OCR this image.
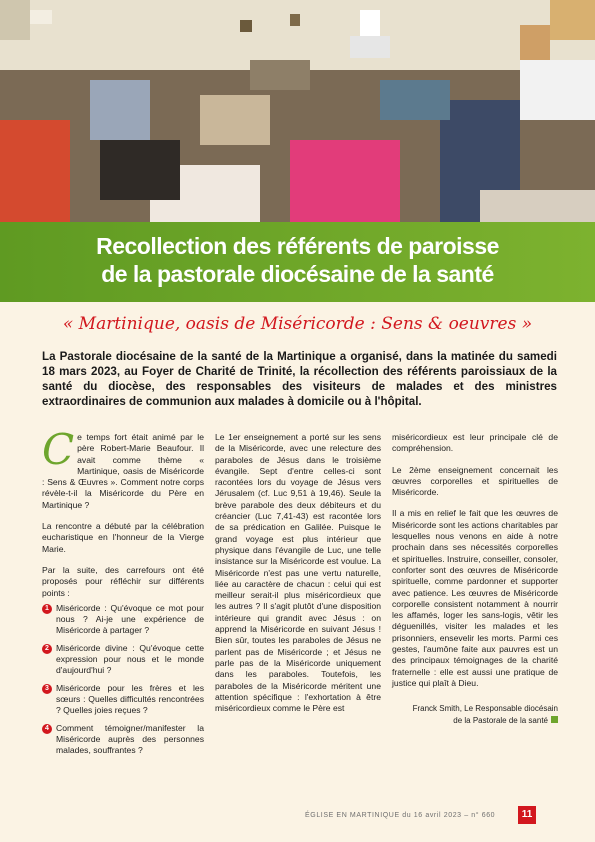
Recollection des référents de paroisse
de la pastorale diocésaine de la santé
« Martinique, oasis de Miséricorde : Sens & oeuvres »
La Pastorale diocésaine de la santé de la Martinique a organisé, dans la matinée du samedi 18 mars 2023, au Foyer de Charité de Trinité, la récollection des référents paroissiaux de la santé du diocèse, des responsables des visiteurs de malades et des ministres extraordinaires de communion aux malades à domicile ou à l'hôpital.

Ce temps fort était animé par le père Robert-Marie Beaufour. Il avait comme thème « Martinique, oasis de Miséricorde : Sens & Œuvres ». Comment notre corps révèle-t-il la Miséricorde du Père en Martinique ?

La rencontre a débuté par la célébration eucharistique en l'honneur de la Vierge Marie.

Par la suite, des carrefours ont été proposés pour réfléchir sur différents points :

1 Miséricorde : Qu'évoque ce mot pour nous ? Ai-je une expérience de Miséricorde à partager ?
2 Miséricorde divine : Qu'évoque cette expression pour nous et le monde d'aujourd'hui ?
3 Miséricorde pour les frères et les sœurs : Quelles difficultés rencontrées ? Quelles joies reçues ?
4 Comment témoigner/manifester la Miséricorde auprès des personnes malades, souffrantes ?

Le 1er enseignement a porté sur les sens de la Miséricorde, avec une relecture des paraboles de Jésus dans le troisième évangile. Sept d'entre celles-ci sont racontées lors du voyage de Jésus vers Jérusalem (cf. Luc 9,51 à 19,46). Seule la brève parabole des deux débiteurs et du créancier (Luc 7,41-43) est racontée lors de sa prédication en Galilée. Puisque le grand voyage est plus intérieur que physique dans l'évangile de Luc, une telle insistance sur la Miséricorde est voulue. La Miséricorde n'est pas une vertu naturelle, liée au caractère de chacun : celui qui est meilleur serait-il plus miséricordieux que les autres ? Il s'agit plutôt d'une disposition intérieure qui grandit avec Jésus : on apprend la Miséricorde en suivant Jésus ! Bien sûr, toutes les paraboles de Jésus ne parlent pas de Miséricorde ; et Jésus ne parle pas de la Miséricorde uniquement dans les paraboles. Toutefois, les paraboles de la Miséricorde méritent une attention spécifique : l'exhortation à être miséricordieux comme le Père est

miséricordieux est leur principale clé de compréhension.

Le 2ème enseignement concernait les œuvres corporelles et spirituelles de Miséricorde.

Il a mis en relief le fait que les œuvres de Miséricorde sont les actions charitables par lesquelles nous venons en aide à notre prochain dans ses nécessités corporelles et spirituelles. Instruire, conseiller, consoler, conforter sont des œuvres de Miséricorde spirituelle, comme pardonner et supporter avec patience. Les œuvres de Miséricorde corporelle consistent notamment à nourrir les affamés, loger les sans-logis, vêtir les déguenillés, visiter les malades et les prisonniers, ensevelir les morts. Parmi ces gestes, l'aumône faite aux pauvres est un des principaux témoignages de la charité fraternelle : elle est aussi une pratique de justice qui plaît à Dieu.

Franck Smith, Le Responsable diocésain
de la Pastorale de la santé
ÉGLISE EN MARTINIQUE du 16 avril 2023 – n° 660	11
